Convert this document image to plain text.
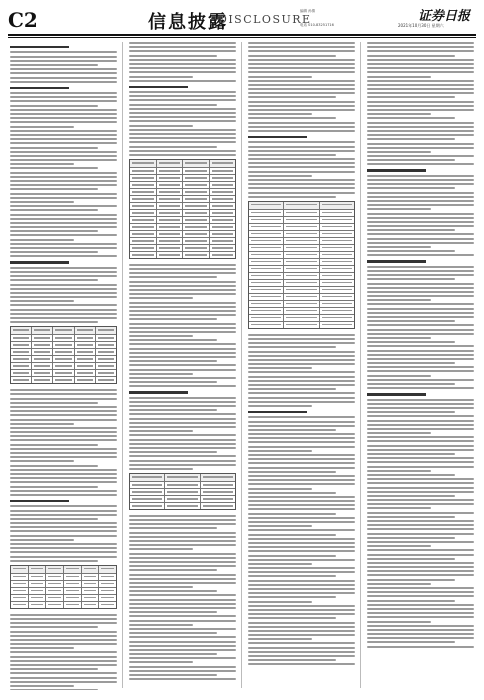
C2	信息披露
DISCLOSURE
编辑 孙倩
电话 010-83251716
证券日报
2021年10月30日 星期六
